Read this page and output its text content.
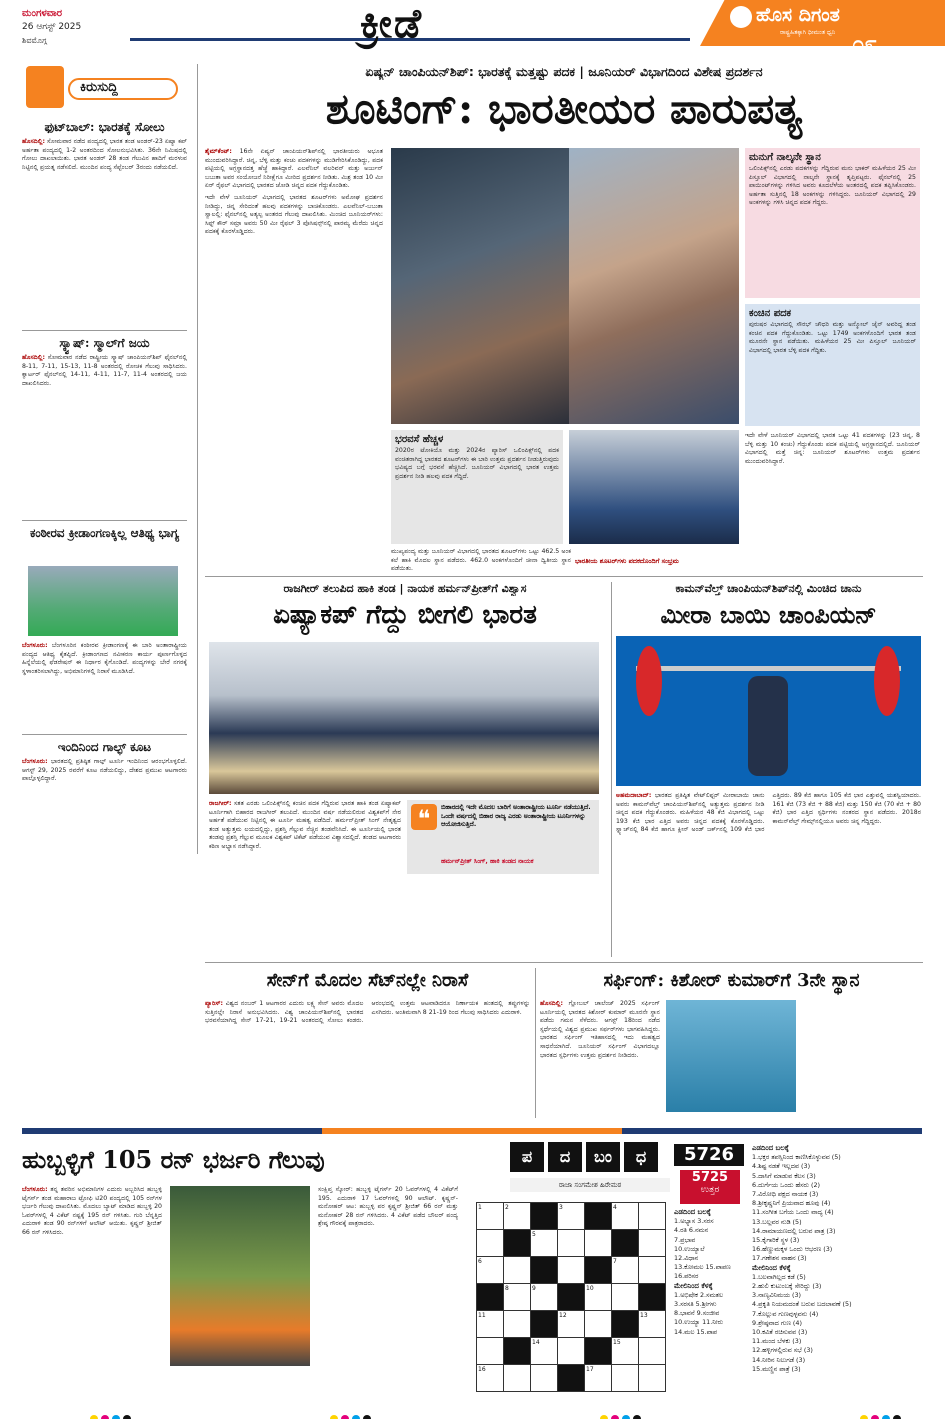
ಮಂಗಳವಾರ
26 ಆಗಸ್ಟ್ 2025
ಶಿವಮೊಗ್ಗ	ಕ್ರೀಡೆ	ಹೊಸ ದಿಗಂತ
ರಾಷ್ಟ್ರಹಿತಕ್ಕಾಗಿ ಧೀಮಂತ ಧ್ವನಿ ೦೯
ಕಿರುಸುದ್ದಿ
ಫುಟ್‌ಬಾಲ್: ಭಾರತಕ್ಕೆ ಸೋಲು
ಹೊಸದಿಲ್ಲಿ: ಸೋಮವಾರ ನಡೆದ ಪಂದ್ಯದಲ್ಲಿ ಭಾರತ ತಂಡ ಅಂಡರ್-23 ಏಷ್ಯಾ ಕಪ್ ಅರ್ಹತಾ ಪಂದ್ಯದಲ್ಲಿ 1-2 ಅಂತರದಿಂದ ಸೋಲನುಭವಿಸಿತು. 36ನೇ ನಿಮಿಷದಲ್ಲಿ ಗೋಲು ದಾಖಲಾಯಿತು. ಭಾರತ ಅಂಡರ್ 28 ತಂಡ ಗೆಲುವಿನ ಹಾದಿಗೆ ಮರಳುವ ನಿಟ್ಟಿನಲ್ಲಿ ಪ್ರಯತ್ನ ನಡೆಸಲಿದೆ. ಮುಂದಿನ ಪಂದ್ಯ ಸೆಪ್ಟೆಂಬರ್ 3ರಂದು ನಡೆಯಲಿದೆ.
ಸ್ಕ್ವಾಷ್: ಸ್ಮಾಲ್‌ಗೆ ಜಯ
ಹೊಸದಿಲ್ಲಿ: ಸೋಮವಾರ ನಡೆದ ರಾಷ್ಟ್ರೀಯ ಸ್ಕ್ವಾಷ್ ಚಾಂಪಿಯನ್‌ಶಿಪ್ ಫೈನಲ್‌ನಲ್ಲಿ 8-11, 7-11, 15-13, 11-8 ಅಂತರದಲ್ಲಿ ರೋಚಕ ಗೆಲುವು ಸಾಧಿಸಿದರು. ಕ್ವಾರ್ಟರ್ ಫೈನಲ್‌ನಲ್ಲಿ 14-11, 4-11, 11-7, 11-4 ಅಂತರದಲ್ಲಿ ಜಯ ದಾಖಲಿಸಿದರು.
ಕಂಠೀರವ ಕ್ರೀಡಾಂಗಣಕ್ಕಿಲ್ಲ ಆತಿಥ್ಯ ಭಾಗ್ಯ
ಬೆಂಗಳೂರು: ಬೆಂಗಳೂರಿನ ಕಂಠೀರವ ಕ್ರೀಡಾಂಗಣಕ್ಕೆ ಈ ಬಾರಿ ಅಂತಾರಾಷ್ಟ್ರೀಯ ಪಂದ್ಯದ ಆತಿಥ್ಯ ಕೈತಪ್ಪಿದೆ. ಕ್ರೀಡಾಂಗಣದ ನವೀಕರಣ ಕಾರ್ಯ ಪೂರ್ಣಗೊಳ್ಳದ ಹಿನ್ನೆಲೆಯಲ್ಲಿ ಫೆಡರೇಷನ್ ಈ ನಿರ್ಧಾರ ಕೈಗೊಂಡಿದೆ. ಪಂದ್ಯಗಳನ್ನು ಬೇರೆ ನಗರಕ್ಕೆ ಸ್ಥಳಾಂತರಿಸಲಾಗಿದ್ದು, ಅಭಿಮಾನಿಗಳಲ್ಲಿ ನಿರಾಸೆ ಮೂಡಿಸಿದೆ.
ಇಂದಿನಿಂದ ಗಾಲ್ಫ್ ಕೂಟ
ಬೆಂಗಳೂರು: ಭಾರತದಲ್ಲಿ ಪ್ರತಿಷ್ಠಿತ ಗಾಲ್ಫ್ ಟೂರ್ನಿ ಇಂದಿನಿಂದ ಆರಂಭಗೊಳ್ಳಲಿದೆ. ಆಗಸ್ಟ್ 29, 2025 ರವರೆಗೆ ಕೂಟ ನಡೆಯಲಿದ್ದು, ದೇಶದ ಪ್ರಮುಖ ಆಟಗಾರರು ಪಾಲ್ಗೊಳ್ಳಲಿದ್ದಾರೆ.
ಏಷ್ಯನ್ ಚಾಂಪಿಯನ್‌ಶಿಪ್: ಭಾರತಕ್ಕೆ ಮತ್ತಷ್ಟು ಪದಕ | ಜೂನಿಯರ್ ವಿಭಾಗದಿಂದ ವಿಶೇಷ ಪ್ರದರ್ಶನ
ಶೂಟಿಂಗ್: ಭಾರತೀಯರ ಪಾರುಪತ್ಯ
ಶೈಮ್‌ಕೆಂಟ್: 16ನೇ ಏಷ್ಯನ್ ಚಾಂಪಿಯನ್‌ಶಿಪ್‌ನಲ್ಲಿ ಭಾರತೀಯರು ಅಭೂತ ಮುಂದುವರಿಸಿದ್ದಾರೆ. ಚಿನ್ನ, ಬೆಳ್ಳಿ ಮತ್ತು ಕಂಚು ಪದಕಗಳನ್ನು ಮುಡಿಗೇರಿಸಿಕೊಂಡಿದ್ದು, ಪದಕ ಪಟ್ಟಿಯಲ್ಲಿ ಅಗ್ರಸ್ಥಾನದತ್ತ ಹೆಜ್ಜೆ ಹಾಕಿದ್ದಾರೆ. ಎಲವೆನಿಲ್ ವಲರಿವನ್ ಮತ್ತು ಅರ್ಜುನ್ ಬಬುತಾ ಅವರ ಸಂಯೋಜನೆ ನಿರೀಕ್ಷೆಗೂ ಮೀರಿದ ಪ್ರದರ್ಶನ ನೀಡಿತು. ಮಿಶ್ರ ತಂಡ 10 ಮೀ ಏರ್ ರೈಫಲ್ ವಿಭಾಗದಲ್ಲಿ ಭಾರತದ ಜೋಡಿ ಚಿನ್ನದ ಪದಕ ಗೆದ್ದುಕೊಂಡಿತು.

ಇದೇ ವೇಳೆ ಜೂನಿಯರ್ ವಿಭಾಗದಲ್ಲಿ ಭಾರತದ ಶೂಟರ್‌ಗಳು ಅಮೋಘ ಪ್ರದರ್ಶನ ನೀಡಿದ್ದು, ಚಿನ್ನ ಸೇರಿದಂತೆ ಹಲವು ಪದಕಗಳನ್ನು ಬಾಚಿಕೊಂಡರು. ಎಲವೆನಿಲ್-ಬಬುತಾ ಸ್ವಾಲಲ್ಲಿ: ಫೈನಲ್‌ನಲ್ಲಿ ಅತ್ಯಲ್ಪ ಅಂತರದ ಗೆಲುವು ದಾಖಲಿಸಿತು. ಮಿಂಚಿದ ಜೂನಿಯರ್‌ಗಳು: ಸಿಫ್ಟ್ ಕೌರ್ ಸಮ್ರಾ ಅವರು 50 ಮೀ ರೈಫಲ್ 3 ಪೊಸಿಷನ್ಸ್‌ನಲ್ಲಿ ಪಾರಮ್ಯ ಮೆರೆದು ಚಿನ್ನದ ಪದಕಕ್ಕೆ ಕೊರಳೊಡ್ಡಿದರು.

ಭರವಸೆ ಹೆಚ್ಚಳ
2020ರ ಟೋಕಿಯೊ ಮತ್ತು 2024ರ ಪ್ಯಾರಿಸ್ ಒಲಿಂಪಿಕ್ಸ್‌ನಲ್ಲಿ ಪದಕ ವಂಚಿತರಾಗಿದ್ದ ಭಾರತದ ಶೂಟರ್‌ಗಳು ಈ ಬಾರಿ ಉತ್ತಮ ಪ್ರದರ್ಶನ ನೀಡುತ್ತಿರುವುದು ಭವಿಷ್ಯದ ಬಗ್ಗೆ ಭರವಸೆ ಹೆಚ್ಚಿಸಿದೆ. ಜೂನಿಯರ್ ವಿಭಾಗದಲ್ಲಿ ಭಾರತ ಉತ್ತಮ ಪ್ರದರ್ಶನ ನೀಡಿ ಹಲವು ಪದಕ ಗೆದ್ದಿದೆ.
ಮುಖ್ಯಪಂದ್ಯ ಮತ್ತು ಜೂನಿಯರ್ ವಿಭಾಗದಲ್ಲಿ ಭಾರತದ ಶೂಟರ್‌ಗಳು ಒಟ್ಟು 462.5 ಅಂಕ ಕಲೆ ಹಾಕಿ ಮೊದಲ ಸ್ಥಾನ ಪಡೆದರು. 462.0 ಅಂಕಗಳೊಂದಿಗೆ ಚೀನಾ ದ್ವಿತೀಯ ಸ್ಥಾನ ಪಡೆಯಿತು.
ಭಾರತೀಯ ಶೂಟರ್‌ಗಳು ಪದಕದೊಂದಿಗೆ ಸಂಭ್ರಮ
ಮನುಗೆ ನಾಲ್ಕನೇ ಸ್ಥಾನ
ಒಲಿಂಪಿಕ್ಸ್‌ನಲ್ಲಿ ಎರಡು ಪದಕಗಳನ್ನು ಗೆದ್ದಿರುವ ಮನು ಭಾಕರ್ ಮಹಿಳೆಯರ 25 ಮೀ ಪಿಸ್ತೂಲ್ ವಿಭಾಗದಲ್ಲಿ ನಾಲ್ಕನೇ ಸ್ಥಾನಕ್ಕೆ ತೃಪ್ತಿಪಟ್ಟರು. ಫೈನಲ್‌ನಲ್ಲಿ 25 ಪಾಯಿಂಟ್‌ಗಳನ್ನು ಗಳಿಸಿದ ಅವರು ಕೂದಲೆಳೆಯ ಅಂತರದಲ್ಲಿ ಪದಕ ತಪ್ಪಿಸಿಕೊಂಡರು. ಅರ್ಹತಾ ಸುತ್ತಿನಲ್ಲಿ 18 ಅಂಕಗಳನ್ನು ಗಳಿಸಿದ್ದರು. ಜೂನಿಯರ್ ವಿಭಾಗದಲ್ಲಿ 29 ಅಂಕಗಳನ್ನು ಗಳಿಸಿ ಚಿನ್ನದ ಪದಕ ಗೆದ್ದರು.
ಕಂಚಿನ ಪದಕ
ಪುರುಷರ ವಿಭಾಗದಲ್ಲಿ ಸೌರಭ್ ಚೌಧರಿ ಮತ್ತು ಅನ್ಮೋಲ್ ಜೈನ್ ಅವರಿದ್ದ ತಂಡ ಕಂಚಿನ ಪದಕ ಗೆದ್ದುಕೊಂಡಿತು. ಒಟ್ಟು 1749 ಅಂಕಗಳೊಂದಿಗೆ ಭಾರತ ತಂಡ ಮೂರನೇ ಸ್ಥಾನ ಪಡೆಯಿತು. ಮಹಿಳೆಯರ 25 ಮೀ ಪಿಸ್ತೂಲ್ ಜೂನಿಯರ್ ವಿಭಾಗದಲ್ಲಿ ಭಾರತ ಬೆಳ್ಳಿ ಪದಕ ಗೆದ್ದಿತು.
ಇದೇ ವೇಳೆ ಜೂನಿಯರ್ ವಿಭಾಗದಲ್ಲಿ ಭಾರತ ಒಟ್ಟು 41 ಪದಕಗಳನ್ನು (23 ಚಿನ್ನ, 8 ಬೆಳ್ಳಿ ಮತ್ತು 10 ಕಂಚು) ಗೆದ್ದುಕೊಂಡು ಪದಕ ಪಟ್ಟಿಯಲ್ಲಿ ಅಗ್ರಸ್ಥಾನದಲ್ಲಿದೆ. ಜೂನಿಯರ್ ವಿಭಾಗದಲ್ಲಿ ಮತ್ತೆ ಚಿನ್ನ: ಜೂನಿಯರ್ ಶೂಟರ್‌ಗಳು ಉತ್ತಮ ಪ್ರದರ್ಶನ ಮುಂದುವರಿಸಿದ್ದಾರೆ.
ರಾಜಗೀರ್ ತಲುಪಿದ ಹಾಕಿ ತಂಡ | ನಾಯಕ ಹರ್ಮನ್‌ಪ್ರೀತ್‌ಗೆ ವಿಶ್ವಾಸ
ಏಷ್ಯಾಕಪ್ ಗೆದ್ದು ಬೀಗಲಿ ಭಾರತ
ರಾಜಗೀರ್: ಸತತ ಎರಡು ಒಲಿಂಪಿಕ್ಸ್‌ನಲ್ಲಿ ಕಂಚಿನ ಪದಕ ಗೆದ್ದಿರುವ ಭಾರತ ಹಾಕಿ ತಂಡ ಏಷ್ಯಾಕಪ್ ಟೂರ್ನಿಗಾಗಿ ಬಿಹಾರದ ರಾಜಗೀರ್ ತಲುಪಿದೆ. ಮುಂದಿನ ವರ್ಷ ನಡೆಯಲಿರುವ ವಿಶ್ವಕಪ್‌ಗೆ ನೇರ ಅರ್ಹತೆ ಪಡೆಯುವ ನಿಟ್ಟಿನಲ್ಲಿ ಈ ಟೂರ್ನಿ ಮಹತ್ವ ಪಡೆದಿದೆ. ಹರ್ಮನ್‌ಪ್ರೀತ್ ಸಿಂಗ್ ನೇತೃತ್ವದ ತಂಡ ಅತ್ಯುತ್ತಮ ಲಯದಲ್ಲಿದ್ದು, ಪ್ರಶಸ್ತಿ ಗೆಲ್ಲುವ ನೆಚ್ಚಿನ ತಂಡವೆನಿಸಿದೆ. ಈ ಟೂರ್ನಿಯಲ್ಲಿ ಭಾರತ ತಂಡವು ಪ್ರಶಸ್ತಿ ಗೆಲ್ಲುವ ಮೂಲಕ ವಿಶ್ವಕಪ್ ಟಿಕೆಟ್ ಪಡೆಯುವ ವಿಶ್ವಾಸದಲ್ಲಿದೆ. ತಂಡದ ಆಟಗಾರರು ಕಠಿಣ ಅಭ್ಯಾಸ ನಡೆಸಿದ್ದಾರೆ.
❝	ಬಿಹಾರದಲ್ಲಿ ಇದೇ ಮೊದಲ ಬಾರಿಗೆ ಅಂತಾರಾಷ್ಟ್ರೀಯ ಟೂರ್ನಿ ನಡೆಯುತ್ತಿದೆ. ಒಂದೇ ವರ್ಷದಲ್ಲಿ ಬಿಹಾರ ರಾಜ್ಯ ಎರಡು ಅಂತಾರಾಷ್ಟ್ರೀಯ ಟೂರ್ನಿಗಳನ್ನು ಆಯೋಜಿಸುತ್ತಿದೆ.
ಹರ್ಮನ್‌ಪ್ರೀತ್ ಸಿಂಗ್, ಹಾಕಿ ತಂಡದ ನಾಯಕ
ಕಾಮನ್‌ವೆಲ್ತ್ ಚಾಂಪಿಯನ್‌ಶಿಪ್‌ನಲ್ಲಿ ಮಿಂಚಿದ ಚಾನು
ಮೀರಾ ಬಾಯಿ ಚಾಂಪಿಯನ್
ಅಹಮದಾಬಾದ್: ಭಾರತದ ಪ್ರತಿಷ್ಠಿತ ವೇಟ್‌ಲಿಫ್ಟರ್ ಮೀರಾಬಾಯಿ ಚಾನು ಅವರು ಕಾಮನ್‌ವೆಲ್ತ್ ಚಾಂಪಿಯನ್‌ಶಿಪ್‌ನಲ್ಲಿ ಅತ್ಯುತ್ತಮ ಪ್ರದರ್ಶನ ನೀಡಿ ಚಿನ್ನದ ಪದಕ ಗೆದ್ದುಕೊಂಡರು. ಮಹಿಳೆಯರ 48 ಕೆಜಿ ವಿಭಾಗದಲ್ಲಿ ಒಟ್ಟು 193 ಕೆಜಿ ಭಾರ ಎತ್ತಿದ ಅವರು ಚಿನ್ನದ ಪದಕಕ್ಕೆ ಕೊರಳೊಡ್ಡಿದರು. ಸ್ನ್ಯಾಚ್‌ನಲ್ಲಿ 84 ಕೆಜಿ ಹಾಗೂ ಕ್ಲೀನ್ ಅಂಡ್ ಜರ್ಕ್‌ನಲ್ಲಿ 109 ಕೆಜಿ ಭಾರ ಎತ್ತಿದರು. 89 ಕೆಜಿ ಹಾಗೂ 105 ಕೆಜಿ ಭಾರ ಎತ್ತುವಲ್ಲಿ ಯಶಸ್ವಿಯಾದರು. 161 ಕೆಜಿ (73 ಕೆಜಿ + 88 ಕೆಜಿ) ಮತ್ತು 150 ಕೆಜಿ (70 ಕೆಜಿ + 80 ಕೆಜಿ) ಭಾರ ಎತ್ತಿದ ಸ್ಪರ್ಧಿಗಳು ನಂತರದ ಸ್ಥಾನ ಪಡೆದರು. 2018ರ ಕಾಮನ್‌ವೆಲ್ತ್ ಗೇಮ್ಸ್‌ನಲ್ಲಿಯೂ ಅವರು ಚಿನ್ನ ಗೆದ್ದಿದ್ದರು.
ಸೇನ್‌ಗೆ ಮೊದಲ ಸೆಟ್‌ನಲ್ಲೇ ನಿರಾಸೆ
ಪ್ಯಾರಿಸ್: ವಿಶ್ವದ ನಂಬರ್ 1 ಆಟಗಾರರ ಎದುರು ಲಕ್ಷ್ಯ ಸೇನ್ ಅವರು ಮೊದಲ ಸುತ್ತಿನಲ್ಲೇ ನಿರಾಸೆ ಅನುಭವಿಸಿದರು. ವಿಶ್ವ ಚಾಂಪಿಯನ್‌ಶಿಪ್‌ನಲ್ಲಿ ಭಾರತದ ಭರವಸೆಯಾಗಿದ್ದ ಸೇನ್ 17-21, 19-21 ಅಂತರದಲ್ಲಿ ಸೋಲು ಕಂಡರು. ಆರಂಭದಲ್ಲಿ ಉತ್ತಮ ಆಟವಾಡಿದರೂ ನಿರ್ಣಾಯಕ ಹಂತದಲ್ಲಿ ತಪ್ಪುಗಳನ್ನು ಎಸಗಿದರು. ಅಂತಿಮವಾಗಿ 8 21-19 ರಿಂದ ಗೆಲುವು ಸಾಧಿಸಿದರು ಎದುರಾಳಿ.
ಸರ್ಫಿಂಗ್: ಕಿಶೋರ್ ಕುಮಾರ್‌ಗೆ 3ನೇ ಸ್ಥಾನ
ಹೊಸದಿಲ್ಲಿ: ಗ್ಲೋಬಲ್ ಚಾಲೆಂಜ್ 2025 ಸರ್ಫಿಂಗ್ ಟೂರ್ನಿಯಲ್ಲಿ ಭಾರತದ ಕಿಶೋರ್ ಕುಮಾರ್ ಮೂರನೇ ಸ್ಥಾನ ಪಡೆದು ಗಮನ ಸೆಳೆದರು. ಆಗಸ್ಟ್ 18ರಿಂದ ನಡೆದ ಸ್ಪರ್ಧೆಯಲ್ಲಿ ವಿಶ್ವದ ಪ್ರಮುಖ ಸರ್ಫರ್‌ಗಳು ಭಾಗವಹಿಸಿದ್ದರು. ಭಾರತದ ಸರ್ಫಿಂಗ್ ಇತಿಹಾಸದಲ್ಲಿ ಇದು ಮಹತ್ವದ ಸಾಧನೆಯಾಗಿದೆ. ಜೂನಿಯರ್ ಸರ್ಫಿಂಗ್ ವಿಭಾಗದಲ್ಲೂ ಭಾರತದ ಸ್ಪರ್ಧಿಗಳು ಉತ್ತಮ ಪ್ರದರ್ಶನ ನೀಡಿದರು.
ಹುಬ್ಬಳ್ಳಿಗೆ 105 ರನ್ ಭರ್ಜರಿ ಗೆಲುವು
ಬೆಂಗಳೂರು: ತನ್ನ ತವರಿನ ಅಭಿಮಾನಿಗಳ ಎದುರು ಅಬ್ಬರಿಸಿದ ಹುಬ್ಬಳ್ಳಿ ಟೈಗರ್ಸ್ ತಂಡ ಮಹಾರಾಜ ಟ್ರೋಫಿ ಟಿ20 ಪಂದ್ಯದಲ್ಲಿ 105 ರನ್‌ಗಳ ಭರ್ಜರಿ ಗೆಲುವು ದಾಖಲಿಸಿತು. ಮೊದಲು ಬ್ಯಾಟ್ ಮಾಡಿದ ಹುಬ್ಬಳ್ಳಿ 20 ಓವರ್‌ಗಳಲ್ಲಿ 4 ವಿಕೆಟ್ ನಷ್ಟಕ್ಕೆ 195 ರನ್ ಗಳಿಸಿತು. ಗುರಿ ಬೆನ್ನತ್ತಿದ ಎದುರಾಳಿ ತಂಡ 90 ರನ್‌ಗಳಿಗೆ ಆಲೌಟ್ ಆಯಿತು. ಕೃಷ್ಣನ್ ಶ್ರೀಜಿತ್ 66 ರನ್ ಗಳಿಸಿದರು.
ಸಂಕ್ಷಿಪ್ತ ಸ್ಕೋರ್: ಹುಬ್ಬಳ್ಳಿ ಟೈಗರ್ಸ್ 20 ಓವರ್‌ಗಳಲ್ಲಿ 4 ವಿಕೆಟ್‌ಗೆ 195. ಎದುರಾಳಿ 17 ಓವರ್‌ಗಳಲ್ಲಿ 90 ಆಲೌಟ್. ಕೃಷ್ಣನ್-ಮನೋಹರ್ ಆಟ: ಹುಬ್ಬಳ್ಳಿ ಪರ ಕೃಷ್ಣನ್ ಶ್ರೀಜಿತ್ 66 ರನ್ ಮತ್ತು ಮನೋಹರ್ 28 ರನ್ ಗಳಿಸಿದರು. 4 ವಿಕೆಟ್ ಪಡೆದ ಬೌಲರ್ ಪಂದ್ಯ ಶ್ರೇಷ್ಠ ಗೌರವಕ್ಕೆ ಪಾತ್ರರಾದರು.
ಪ	ದ	ಬಂ	ಧ
ರಾಜಾ ಸಂಗಮೇಶ ಹಿರೇಮಠ
1	2		3		4	
		5				
6					7	
	8	9		10		
11			12			13
		14			15	
16				17		
5726
5725
ಉತ್ತರ
ಎಡದಿಂದ ಬಲಕ್ಕೆ
1.ಅಭ್ಯಾಸ 3.ಸರಸ
4.ರತಿ 6.ನಮನ
7.ಪ್ರಭಾವ
10.ಉಯ್ಯಾಲೆ
12.ವಿಧಾನ
13.ಕೋಮಲ 15.ಪಾಪಣ
16.ಪರಿಸರ
ಮೇಲಿನಿಂದ ಕೆಳಕ್ಕೆ
1.ಅಭಿಷೇಕ 2.ಸಮತಲ
3.ಸರಸತಿ 5.ಶ್ರೀಗಳು
8.ಭಾವನೆ 9.ಸಂಜೀವ
10.ಉಯ್ಯಾ 11.ನೀರು
14.ಮಲ 15.ಪಾಪ
ಎಡದಿಂದ ಬಲಕ್ಕೆ
1.ಭಕ್ತರ ತಪಸ್ಸಿನಿಂದ ಕಾಣಿಸಿಕೊಳ್ಳುವವ (5)
4.ಶಿಷ್ಟ ನಡತೆ ಇಲ್ಲದವ (3)
5.ದಾಸಿಗೆ ಮಾಡುವ ಕೆಲಸ (3)
6.ದುರ್ಗೆಯ ಒಂದು ಹೆಸರು (2)
7.ವಿರೋಧಿ ಪಕ್ಷದ ನಾಯಕ (3)
8.ಶ್ರೀಕೃಷ್ಣನಿಗೆ ಪ್ರಿಯವಾದ ಹೂವು (4)
11.ಸಂಗೀತ ಬಗೆಯ ಒಂದು ವಾದ್ಯ (4)
13.ಬಲ್ಲವರ ನುಡಿ (5)
14.ರಾಮಾಯಣದಲ್ಲಿ ಬರುವ ಪಾತ್ರ (3)
15.ಕೈಗಾರಿಕೆ ಸ್ಥಳ (3)
16.ಹೆಣ್ಣುಮಕ್ಕಳ ಒಂದು ಆಭರಣ (3)
17.ಗಣೇಶನ ವಾಹನ (3)
ಮೇಲಿನಿಂದ ಕೆಳಕ್ಕೆ
1.ಬಲವಾಗಿಲ್ಲದ ಕಡೆ (5)
2.ಹುಲಿ ಕುಟುಂಬಕ್ಕೆ ಸೇರಿದ್ದು (3)
3.ನಾಣ್ಯವಿನಿಮಯ (3)
4.ಪ್ರಕೃತಿ ನಿಯಮದಂತೆ ಬರುವ ಬದಲಾವಣೆ (5)
7.ಕೊಲ್ಲುವ ಗುಣವುಳ್ಳವನು (4)
9.ಶ್ರೇಷ್ಠವಾದ ಗುಣ (4)
10.ಕವಿತೆ ರಚಿಸುವವ (3)
11.ಮಂದ ಬೆಳಕು (3)
12.ಹಳ್ಳಿಗಳಲ್ಲಿರುವ ಸಭೆ (3)
14.ನೀರಿನ ನಿಲುಗಡೆ (3)
15.ಮಣ್ಣಿನ ಪಾತ್ರೆ (3)
